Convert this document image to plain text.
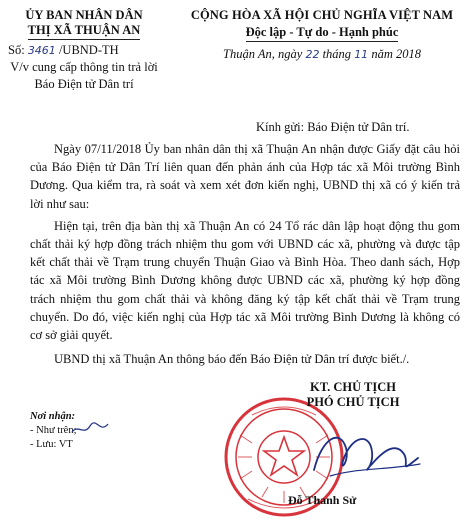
ỦY BAN NHÂN DÂN
THỊ XÃ THUẬN AN
Số: 3461 /UBND-TH
V/v cung cấp thông tin trả lời
Báo Điện tử Dân trí
CỘNG HÒA XÃ HỘI CHỦ NGHĨA VIỆT NAM
Độc lập - Tự do - Hạnh phúc
Thuận An, ngày 22 tháng 11 năm 2018
Kính gửi: Báo Điện tử Dân trí.

Ngày 07/11/2018 Ủy ban nhân dân thị xã Thuận An nhận được Giấy đặt câu hỏi của Báo Điện tử Dân Trí liên quan đến phản ánh của Hợp tác xã Môi trường Bình Dương. Qua kiểm tra, rà soát và xem xét đơn kiến nghị, UBND thị xã có ý kiến trả lời như sau:

Hiện tại, trên địa bàn thị xã Thuận An có 24 Tổ rác dân lập hoạt động thu gom chất thải ký hợp đồng trách nhiệm thu gom với UBND các xã, phường và được tập kết chất thải về Trạm trung chuyển Thuận Giao và Bình Hòa. Theo danh sách, Hợp tác xã Môi trường Bình Dương không được UBND các xã, phường ký hợp đồng trách nhiệm thu gom chất thải và không đăng ký tập kết chất thải về Trạm trung chuyển. Do đó, việc kiến nghị của Hợp tác xã Môi trường Bình Dương là không có cơ sở giải quyết.

UBND thị xã Thuận An thông báo đến Báo Điện tử Dân trí được biết./.

Nơi nhận:
- Như trên;
- Lưu: VT
KT. CHỦ TỊCH
PHÓ CHỦ TỊCH
Đỗ Thanh Sử
